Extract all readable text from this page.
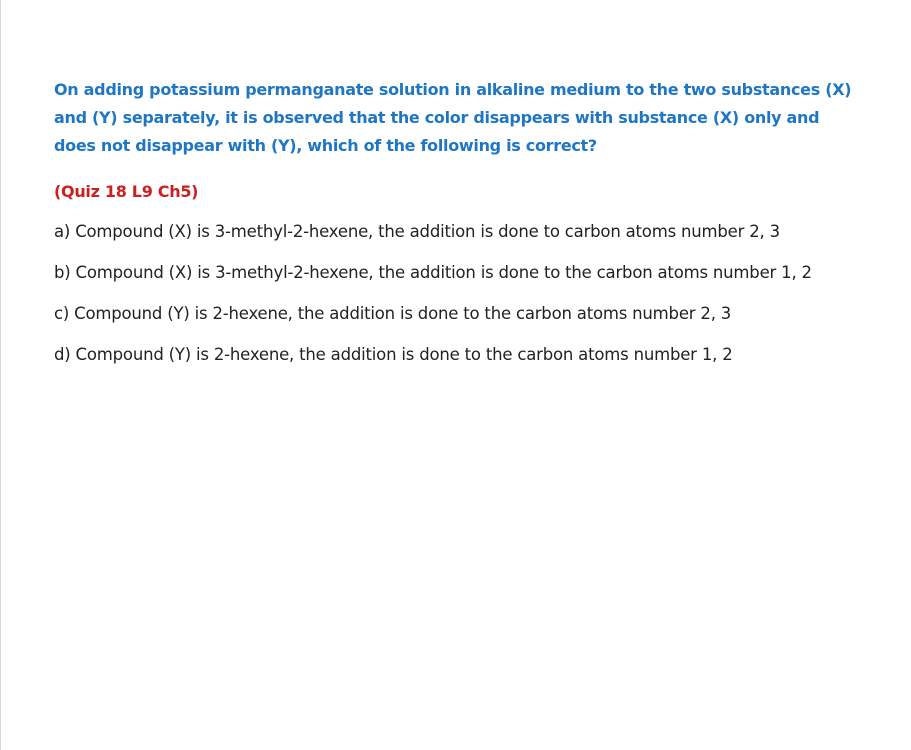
On adding potassium permanganate solution in alkaline medium to the two substances (X) and (Y) separately, it is observed that the color disappears with substance (X) only and does not disappear with (Y), which of the following is correct?

(Quiz 18 L9 Ch5)

a) Compound (X) is 3-methyl-2-hexene, the addition is done to carbon atoms number 2, 3
b) Compound (X) is 3-methyl-2-hexene, the addition is done to the carbon atoms number 1, 2
c) Compound (Y) is 2-hexene, the addition is done to the carbon atoms number 2, 3
d) Compound (Y) is 2-hexene, the addition is done to the carbon atoms number 1, 2
